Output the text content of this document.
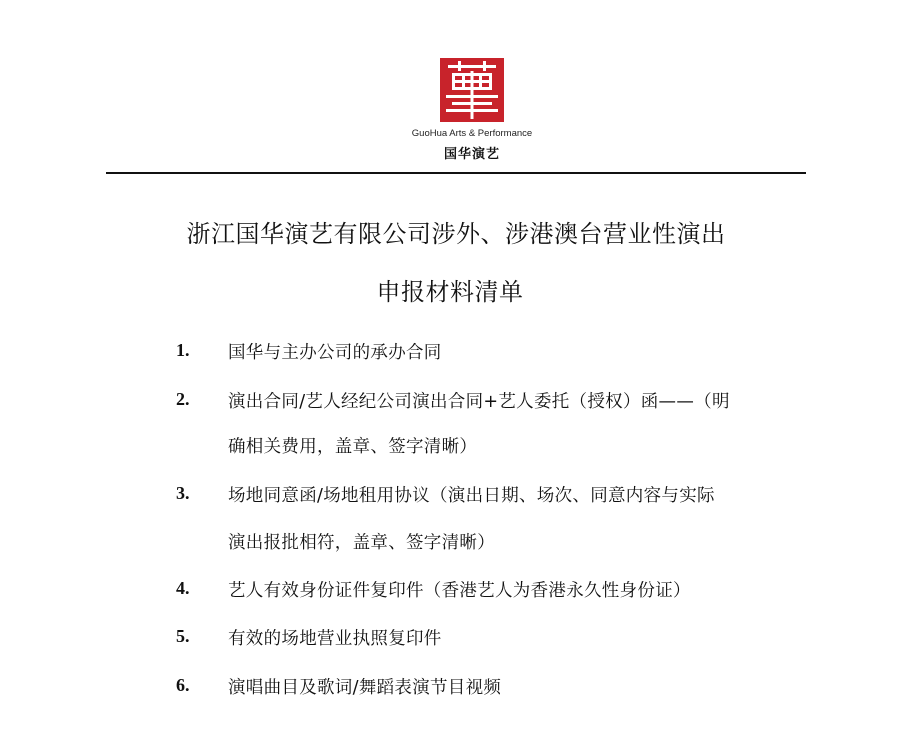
GuoHua Arts & Performance
国华演艺
浙江国华演艺有限公司涉外、涉港澳台营业性演出
申报材料清单
1. 国华与主办公司的承办合同
2. 演出合同/艺人经纪公司演出合同+艺人委托（授权）函——（明
确相关费用，盖章、签字清晰）
3. 场地同意函/场地租用协议（演出日期、场次、同意内容与实际
演出报批相符，盖章、签字清晰）
4. 艺人有效身份证件复印件（香港艺人为香港永久性身份证）
5. 有效的场地营业执照复印件
6. 演唱曲目及歌词/舞蹈表演节目视频
